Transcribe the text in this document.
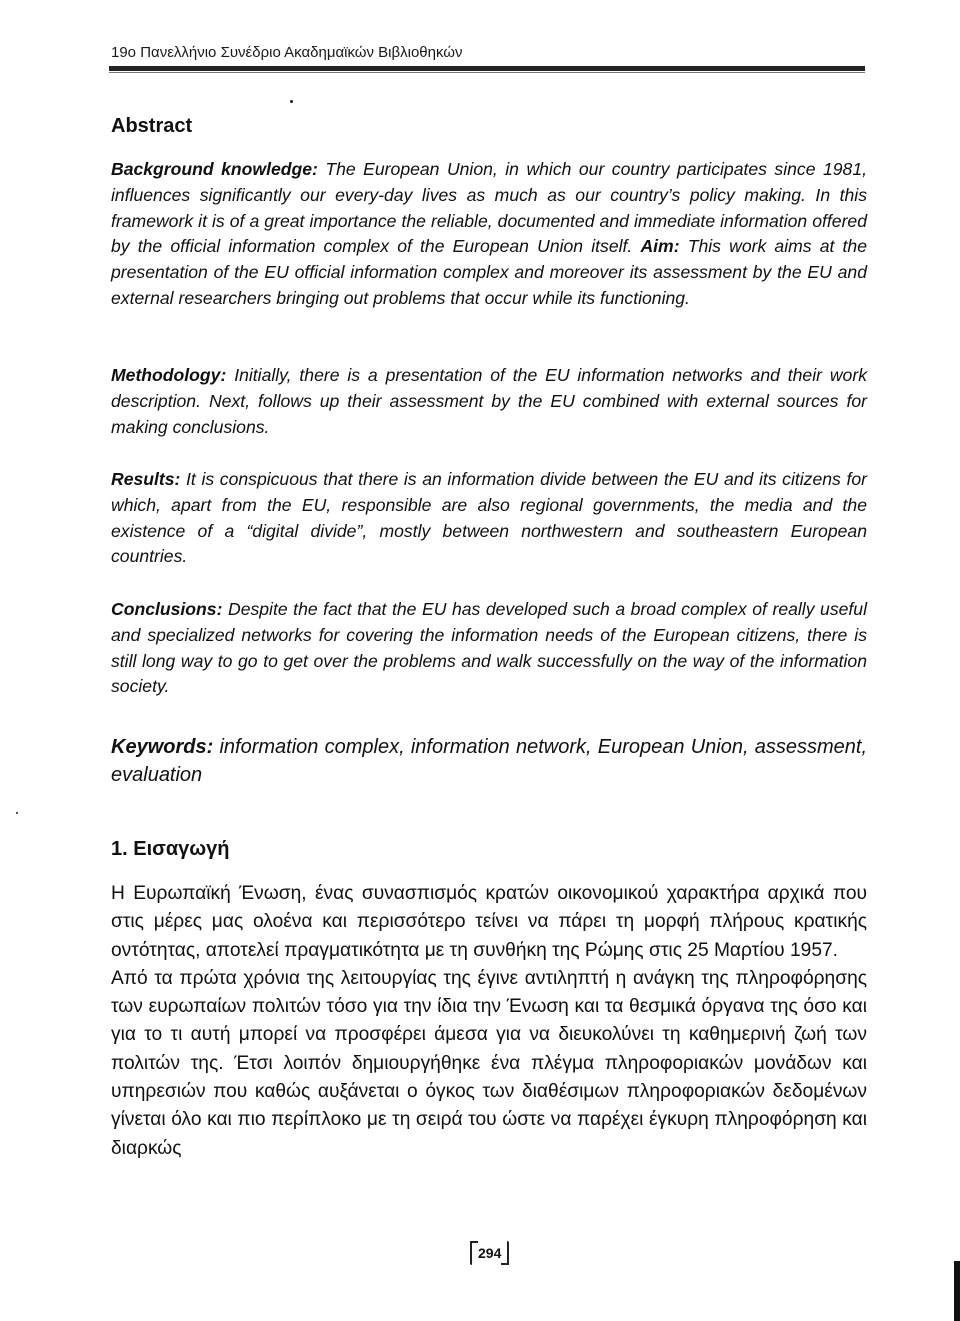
19ο Πανελλήνιο Συνέδριο Ακαδημαϊκών Βιβλιοθηκών
Abstract
Background knowledge: The European Union, in which our country participates since 1981, influences significantly our every-day lives as much as our country’s policy making. In this framework it is of a great importance the reliable, documented and immediate information offered by the official information complex of the European Union itself. Aim: This work aims at the presentation of the EU official information complex and moreover its assessment by the EU and external researchers bringing out problems that occur while its functioning.
Methodology: Initially, there is a presentation of the EU information networks and their work description. Next, follows up their assessment by the EU combined with external sources for making conclusions.
Results: It is conspicuous that there is an information divide between the EU and its citizens for which, apart from the EU, responsible are also regional governments, the media and the existence of a “digital divide”, mostly between northwestern and southeastern European countries.
Conclusions: Despite the fact that the EU has developed such a broad complex of really useful and specialized networks for covering the information needs of the European citizens, there is still long way to go to get over the problems and walk successfully on the way of the information society.
Keywords: information complex, information network, European Union, assessment, evaluation
1. Εισαγωγή

Η Ευρωπαϊκή Ένωση, ένας συνασπισμός κρατών οικονομικού χαρακτήρα αρχικά που στις μέρες μας ολοένα και περισσότερο τείνει να πάρει τη μορφή πλήρους κρατικής οντότητας, αποτελεί πραγματικότητα με τη συνθήκη της Ρώμης στις 25 Μαρτίου 1957.

Από τα πρώτα χρόνια της λειτουργίας της έγινε αντιληπτή η ανάγκη της πληροφόρησης των ευρωπαίων πολιτών τόσο για την ίδια την Ένωση και τα θεσμικά όργανα της όσο και για το τι αυτή μπορεί να προσφέρει άμεσα για να διευκολύνει τη καθημερινή ζωή των πολιτών της. Έτσι λοιπόν δημιουργήθηκε ένα πλέγμα πληροφοριακών μονάδων και υπηρεσιών που καθώς αυξάνεται ο όγκος των διαθέσιμων πληροφοριακών δεδομένων γίνεται όλο και πιο περίπλοκο με τη σειρά του ώστε να παρέχει έγκυρη πληροφόρηση και διαρκώς

294
